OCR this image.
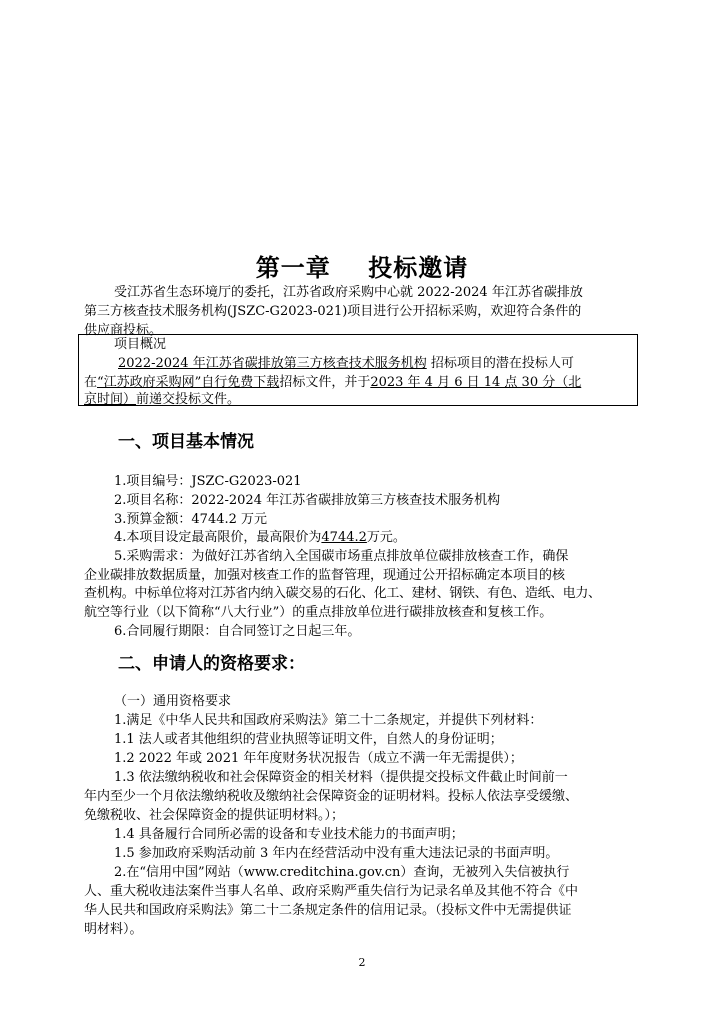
第一章    投标邀请
受江苏省生态环境厅的委托，江苏省政府采购中心就 2022-2024 年江苏省碳排放
第三方核查技术服务机构(JSZC-G2023-021)项目进行公开招标采购，欢迎符合条件的
供应商投标。
项目概况
2022-2024 年江苏省碳排放第三方核查技术服务机构 招标项目的潜在投标人可
在“江苏政府采购网”自行免费下载招标文件，并于2023 年 4 月 6 日 14 点 30 分（北
京时间）前递交投标文件。
一、项目基本情况
1.项目编号：JSZC-G2023-021
2.项目名称：2022-2024 年江苏省碳排放第三方核查技术服务机构
3.预算金额：4744.2 万元
4.本项目设定最高限价，最高限价为4744.2万元。
5.采购需求：为做好江苏省纳入全国碳市场重点排放单位碳排放核查工作，确保
企业碳排放数据质量，加强对核查工作的监督管理，现通过公开招标确定本项目的核
查机构。中标单位将对江苏省内纳入碳交易的石化、化工、建材、钢铁、有色、造纸、电力、
航空等行业（以下简称“八大行业”）的重点排放单位进行碳排放核查和复核工作。
6.合同履行期限：自合同签订之日起三年。
二、申请人的资格要求：
（一）通用资格要求
1.满足《中华人民共和国政府采购法》第二十二条规定，并提供下列材料：
1.1 法人或者其他组织的营业执照等证明文件，自然人的身份证明；
1.2 2022 年或 2021 年年度财务状况报告（成立不满一年无需提供）；
1.3 依法缴纳税收和社会保障资金的相关材料（提供提交投标文件截止时间前一
年内至少一个月依法缴纳税收及缴纳社会保障资金的证明材料。投标人依法享受缓缴、
免缴税收、社会保障资金的提供证明材料。）；
1.4 具备履行合同所必需的设备和专业技术能力的书面声明；
1.5 参加政府采购活动前 3 年内在经营活动中没有重大违法记录的书面声明。
2.在“信用中国”网站（www.creditchina.gov.cn）查询，无被列入失信被执行
人、重大税收违法案件当事人名单、政府采购严重失信行为记录名单及其他不符合《中
华人民共和国政府采购法》第二十二条规定条件的信用记录。（投标文件中无需提供证
明材料）。
2
